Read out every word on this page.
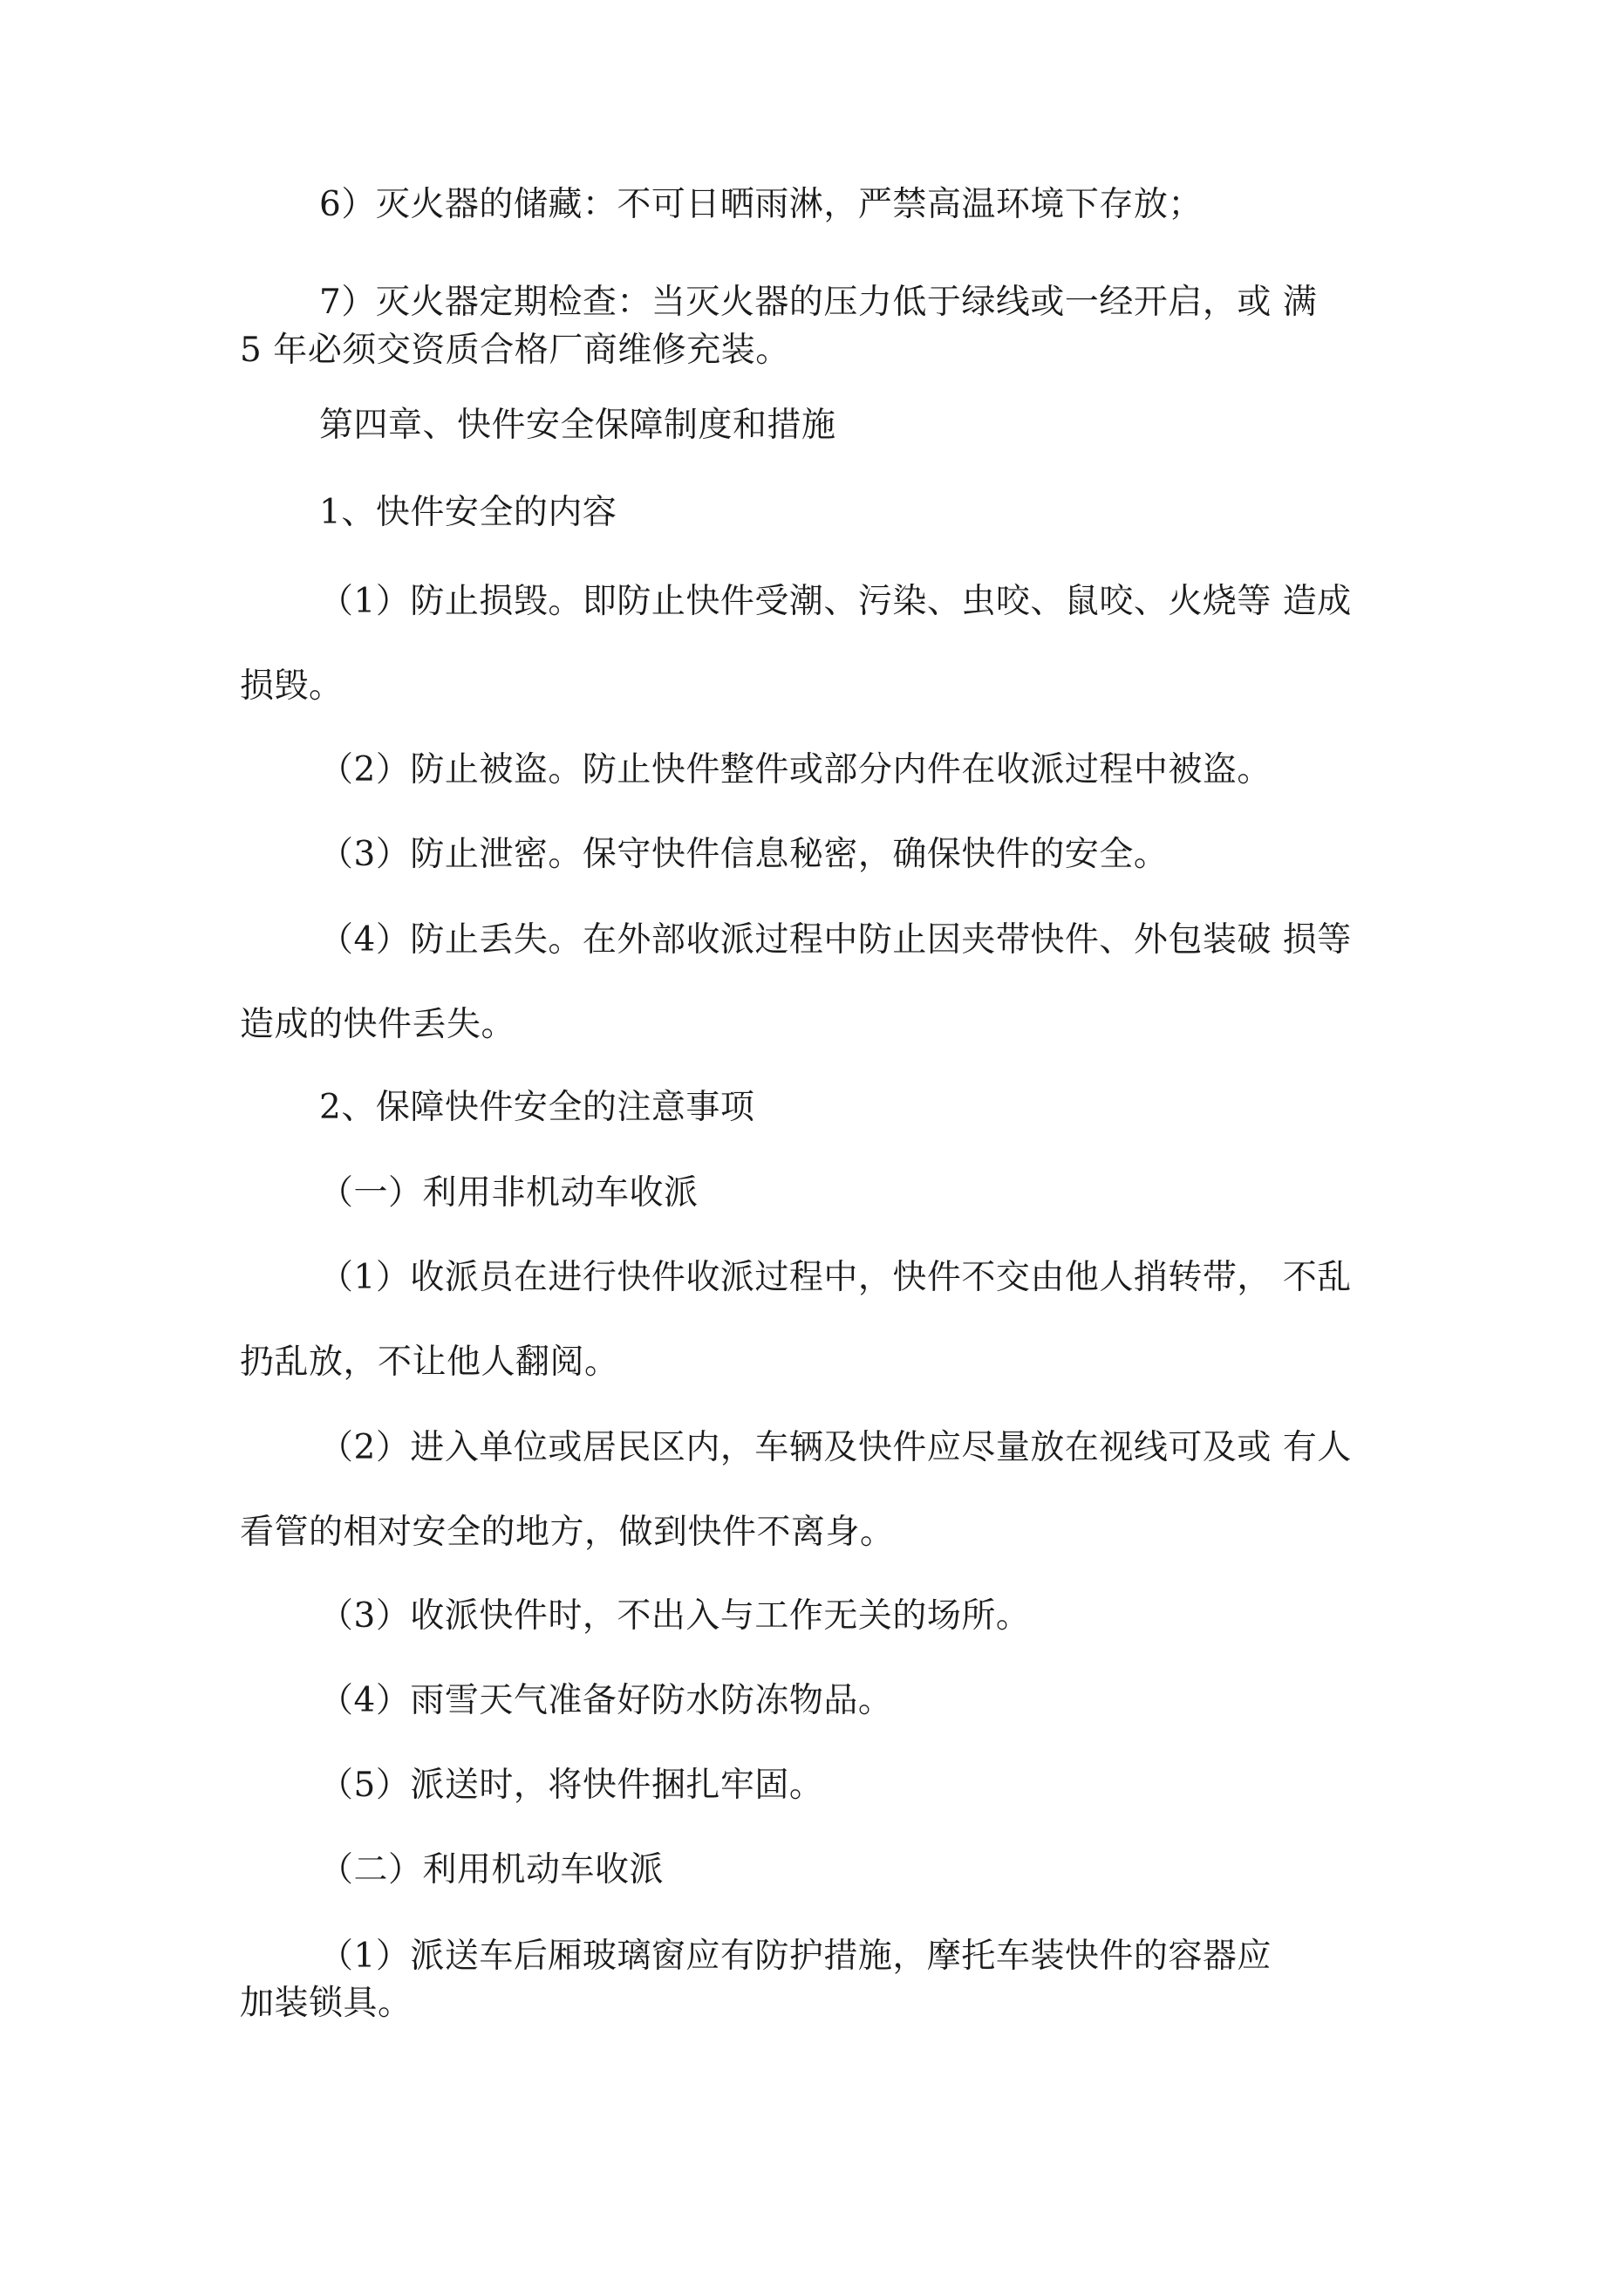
6）灭火器的储藏：不可日晒雨淋，严禁高温环境下存放；
7）灭火器定期检查：当灭火器的压力低于绿线或一经开启，或 满
5 年必须交资质合格厂商维修充装。
第四章、快件安全保障制度和措施
1、快件安全的内容
（1）防止损毁。即防止快件受潮、污染、虫咬、鼠咬、火烧等 造成
损毁。
（2）防止被盗。防止快件整件或部分内件在收派过程中被盗。
（3）防止泄密。保守快件信息秘密，确保快件的安全。
（4）防止丢失。在外部收派过程中防止因夹带快件、外包装破 损等
造成的快件丢失。
2、保障快件安全的注意事项
（一）利用非机动车收派
（1）收派员在进行快件收派过程中，快件不交由他人捎转带， 不乱
扔乱放，不让他人翻阅。
（2）进入单位或居民区内，车辆及快件应尽量放在视线可及或 有人
看管的相对安全的地方，做到快件不离身。
（3）收派快件时，不出入与工作无关的场所。
（4）雨雪天气准备好防水防冻物品。
（5）派送时，将快件捆扎牢固。
（二）利用机动车收派
（1）派送车后厢玻璃窗应有防护措施，摩托车装快件的容器应
加装锁具。
